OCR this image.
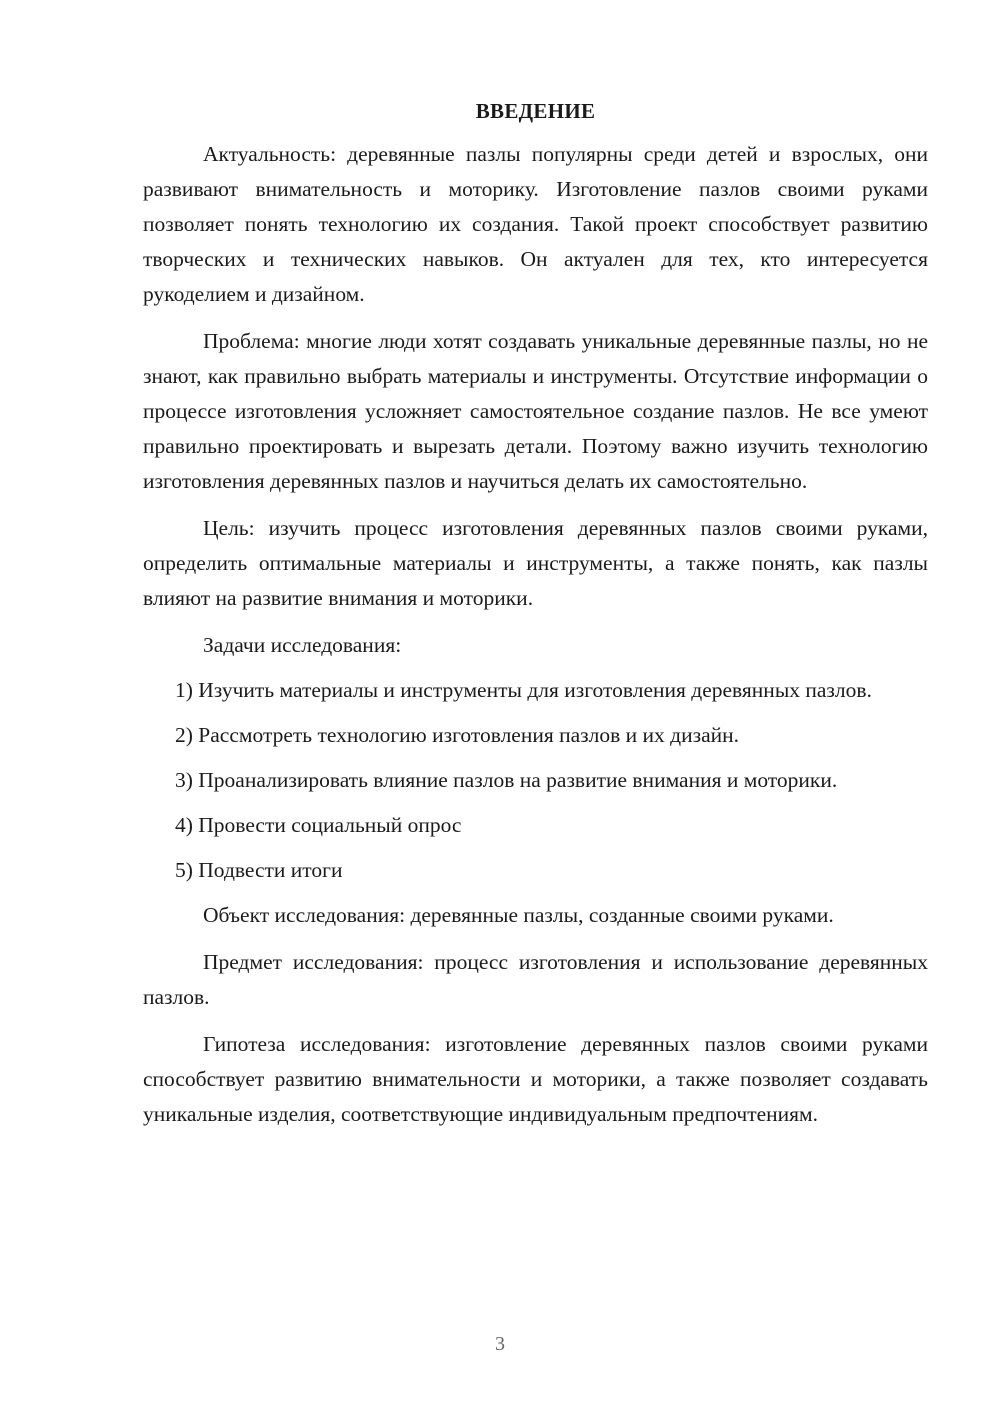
ВВЕДЕНИЕ

Актуальность: деревянные пазлы популярны среди детей и взрослых, они развивают внимательность и моторику. Изготовление пазлов своими руками позволяет понять технологию их создания. Такой проект способствует развитию творческих и технических навыков. Он актуален для тех, кто интересуется рукоделием и дизайном.

Проблема: многие люди хотят создавать уникальные деревянные пазлы, но не знают, как правильно выбрать материалы и инструменты. Отсутствие информации о процессе изготовления усложняет самостоятельное создание пазлов. Не все умеют правильно проектировать и вырезать детали. Поэтому важно изучить технологию изготовления деревянных пазлов и научиться делать их самостоятельно.

Цель: изучить процесс изготовления деревянных пазлов своими руками, определить оптимальные материалы и инструменты, а также понять, как пазлы влияют на развитие внимания и моторики.

Задачи исследования:

1) Изучить материалы и инструменты для изготовления деревянных пазлов.

2) Рассмотреть технологию изготовления пазлов и их дизайн.

3) Проанализировать влияние пазлов на развитие внимания и моторики.

4) Провести социальный опрос

5) Подвести итоги

Объект исследования: деревянные пазлы, созданные своими руками.

Предмет исследования: процесс изготовления и использование деревянных пазлов.

Гипотеза исследования: изготовление деревянных пазлов своими руками способствует развитию внимательности и моторики, а также позволяет создавать уникальные изделия, соответствующие индивидуальным предпочтениям.

3
